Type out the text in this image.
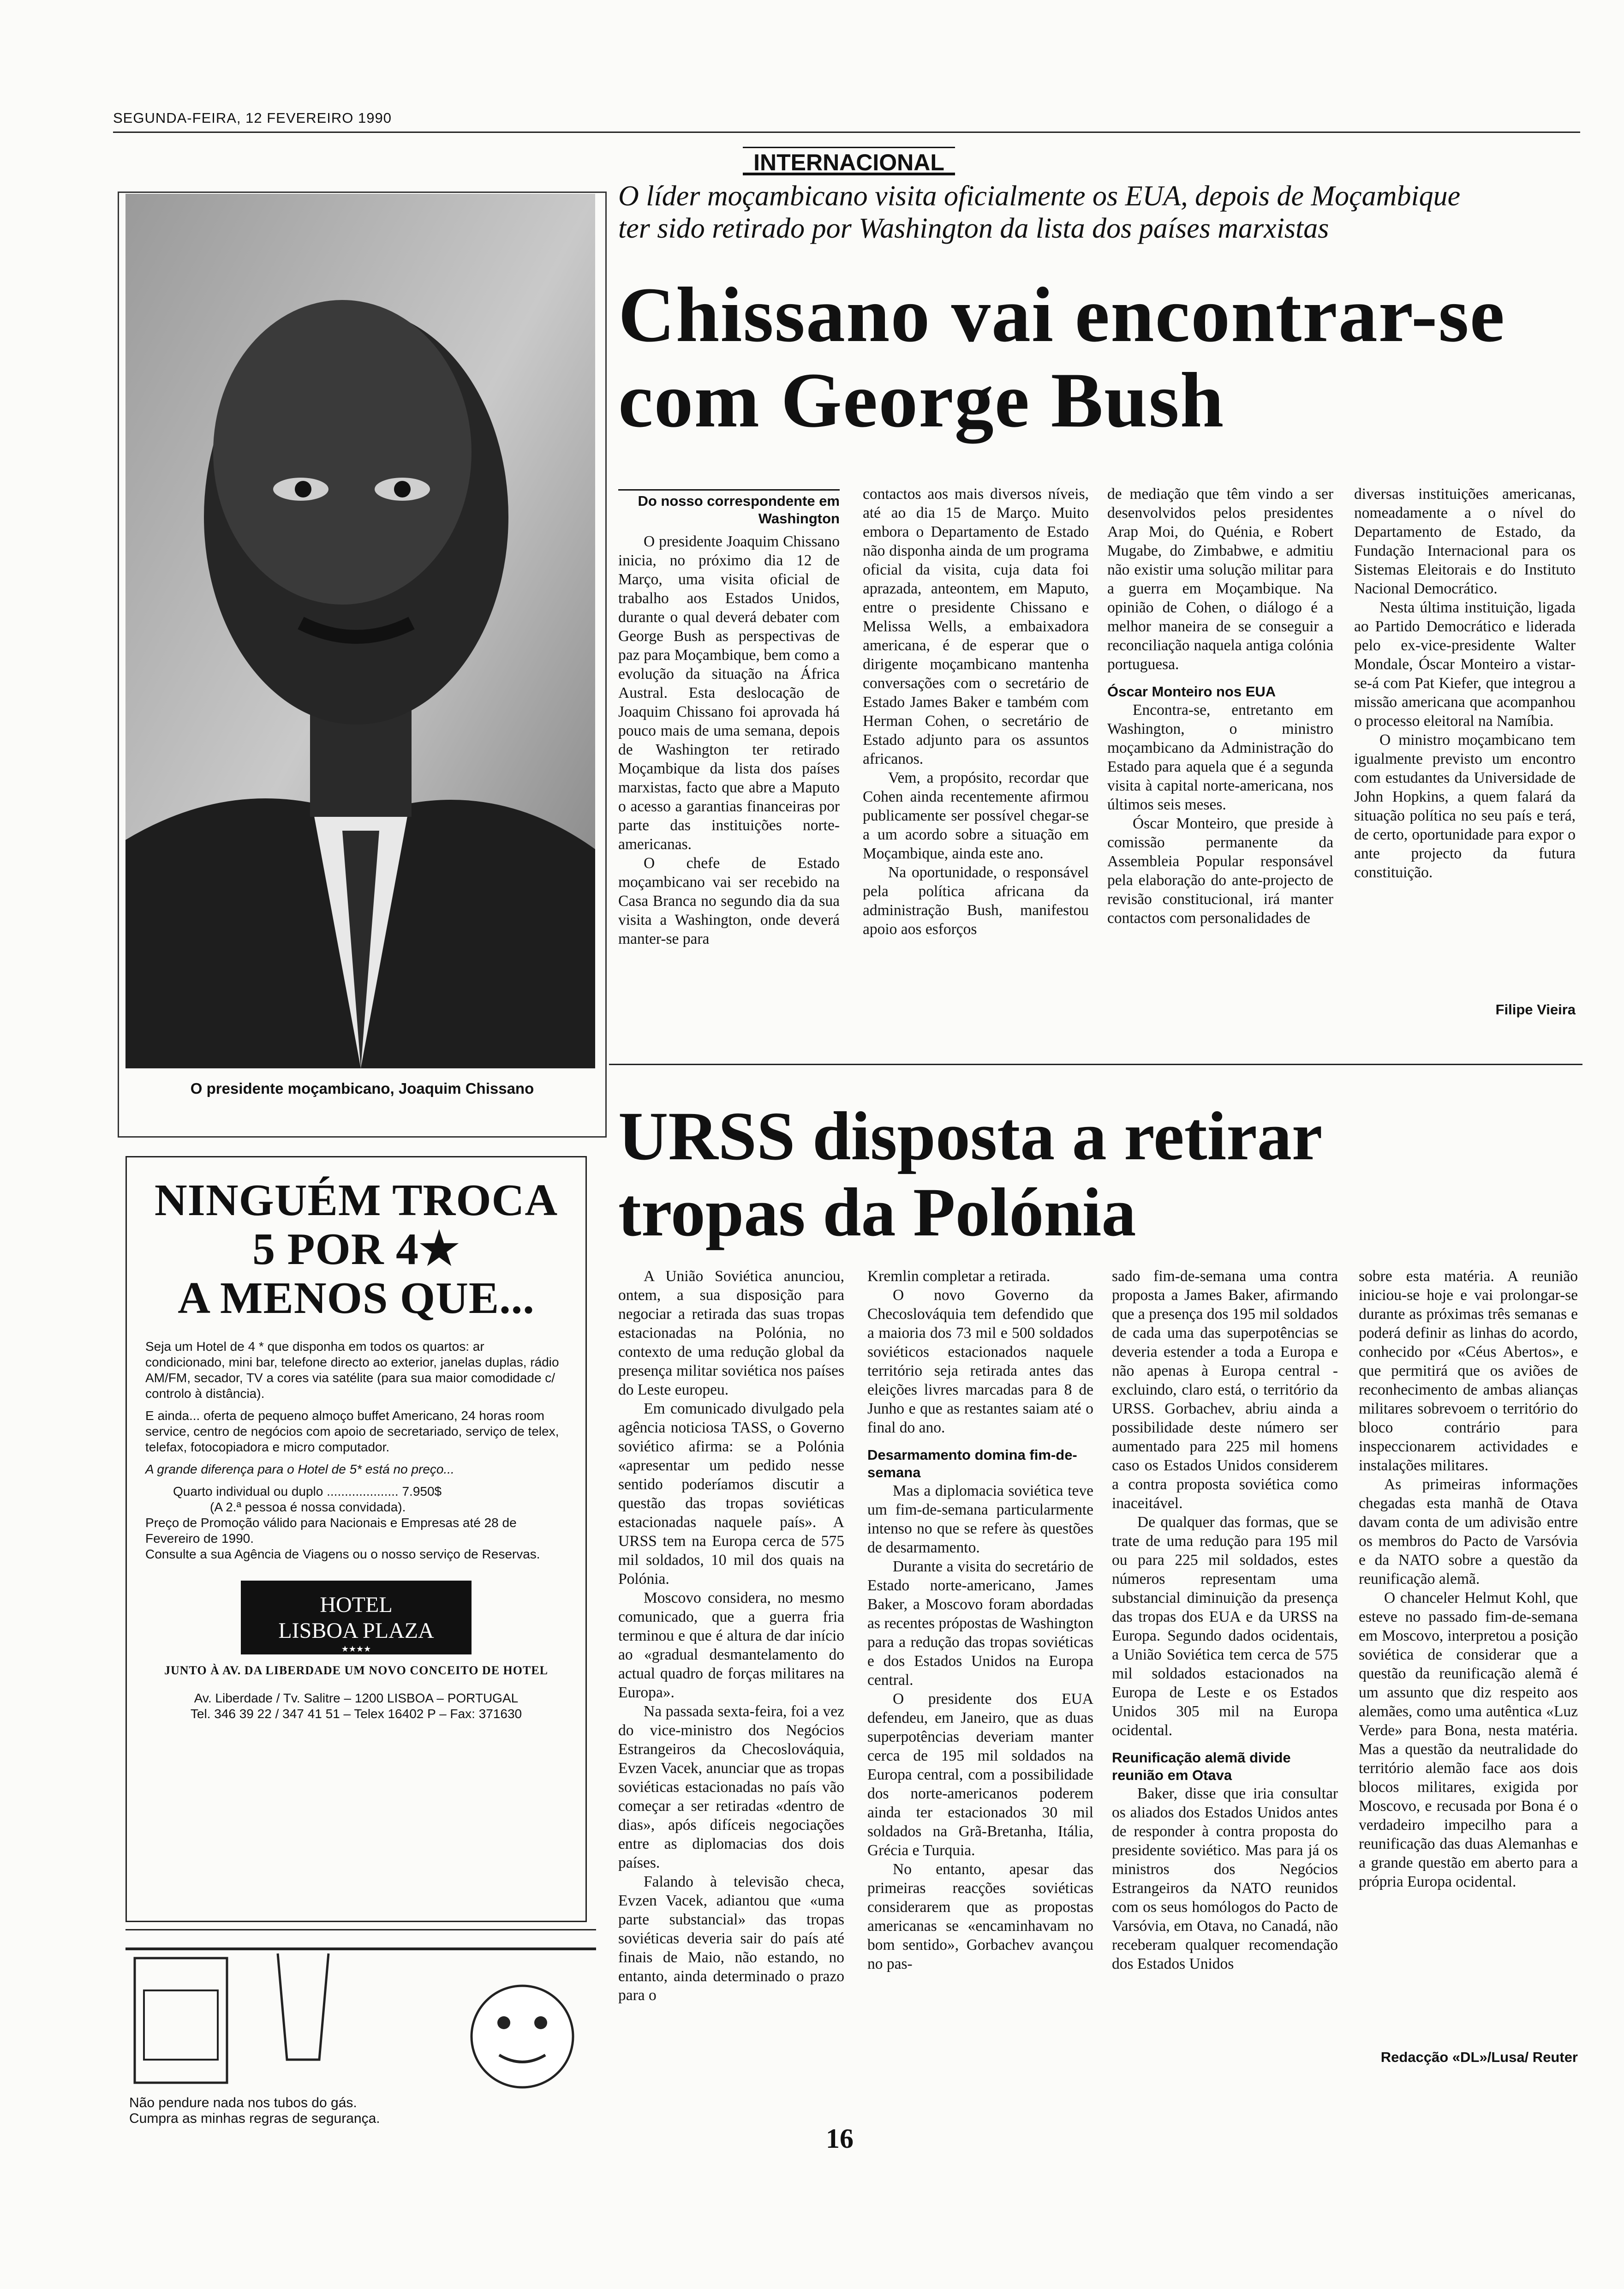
SEGUNDA-FEIRA, 12 FEVEREIRO 1990
INTERNACIONAL
O presidente moçambicano, Joaquim Chissano
O líder moçambicano visita oficialmente os EUA, depois de Moçambique
ter sido retirado por Washington da lista dos países marxistas
Chissano vai encontrar-se
com George Bush

Do nosso correspondente em Washington

O presidente Joaquim Chissano inicia, no próximo dia 12 de Março, uma visita oficial de trabalho aos Estados Unidos, durante o qual deverá debater com George Bush as perspectivas de paz para Moçambique, bem como a evolução da situação na África Austral. Esta deslocação de Joaquim Chissano foi aprovada há pouco mais de uma semana, depois de Washington ter retirado Moçambique da lista dos países marxistas, facto que abre a Maputo o acesso a garantias financeiras por parte das instituições norte-americanas.

O chefe de Estado moçambicano vai ser recebido na Casa Branca no segundo dia da sua visita a Washington, onde deverá manter-se para

contactos aos mais diversos níveis, até ao dia 15 de Março. Muito embora o Departamento de Estado não disponha ainda de um programa oficial da visita, cuja data foi aprazada, anteontem, em Maputo, entre o presidente Chissano e Melissa Wells, a embaixadora americana, é de esperar que o dirigente moçambicano mantenha conversações com o secretário de Estado James Baker e também com Herman Cohen, o secretário de Estado adjunto para os assuntos africanos.

Vem, a propósito, recordar que Cohen ainda recentemente afirmou publicamente ser possível chegar-se a um acordo sobre a situação em Moçambique, ainda este ano.

Na oportunidade, o responsável pela política africana da administração Bush, manifestou apoio aos esforços

de mediação que têm vindo a ser desenvolvidos pelos presidentes Arap Moi, do Quénia, e Robert Mugabe, do Zimbabwe, e admitiu não existir uma solução militar para a guerra em Moçambique. Na opinião de Cohen, o diálogo é a melhor maneira de se conseguir a reconciliação naquela antiga colónia portuguesa.

Óscar Monteiro nos EUA

Encontra-se, entretanto em Washington, o ministro moçambicano da Administração do Estado para aquela que é a segunda visita à capital norte-americana, nos últimos seis meses.

Óscar Monteiro, que preside à comissão permanente da Assembleia Popular responsável pela elaboração do ante-projecto de revisão constitucional, irá manter contactos com personalidades de

diversas instituições americanas, nomeadamente a o nível do Departamento de Estado, da Fundação Internacional para os Sistemas Eleitorais e do Instituto Nacional Democrático.

Nesta última instituição, ligada ao Partido Democrático e liderada pelo ex-vice-presidente Walter Mondale, Óscar Monteiro a vistar-se-á com Pat Kiefer, que integrou a missão americana que acompanhou o processo eleitoral na Namíbia.

O ministro moçambicano tem igualmente previsto um encontro com estudantes da Universidade de John Hopkins, a quem falará da situação política no seu país e terá, de certo, oportunidade para expor o ante projecto da futura constituição.

Filipe Vieira
URSS disposta a retirar
tropas da Polónia

A União Soviética anunciou, ontem, a sua disposição para negociar a retirada das suas tropas estacionadas na Polónia, no contexto de uma redução global da presença militar soviética nos países do Leste europeu.

Em comunicado divulgado pela agência noticiosa TASS, o Governo soviético afirma: se a Polónia «apresentar um pedido nesse sentido poderíamos discutir a questão das tropas soviéticas estacionadas naquele país». A URSS tem na Europa cerca de 575 mil soldados, 10 mil dos quais na Polónia.

Moscovo considera, no mesmo comunicado, que a guerra fria terminou e que é altura de dar início ao «gradual desmantelamento do actual quadro de forças militares na Europa».

Na passada sexta-feira, foi a vez do vice-ministro dos Negócios Estrangeiros da Checoslováquia, Evzen Vacek, anunciar que as tropas soviéticas estacionadas no país vão começar a ser retiradas «dentro de dias», após difíceis negociações entre as diplomacias dos dois países.

Falando à televisão checa, Evzen Vacek, adiantou que «uma parte substancial» das tropas soviéticas deveria sair do país até finais de Maio, não estando, no entanto, ainda determinado o prazo para o

Kremlin completar a retirada.

O novo Governo da Checoslováquia tem defendido que a maioria dos 73 mil e 500 soldados soviéticos estacionados naquele território seja retirada antes das eleições livres marcadas para 8 de Junho e que as restantes saiam até o final do ano.

Desarmamento domina fim-de-semana

Mas a diplomacia soviética teve um fim-de-semana particularmente intenso no que se refere às questões de desarmamento.

Durante a visita do secretário de Estado norte-americano, James Baker, a Moscovo foram abordadas as recentes própostas de Washington para a redução das tropas soviéticas e dos Estados Unidos na Europa central.

O presidente dos EUA defendeu, em Janeiro, que as duas superpotências deveriam manter cerca de 195 mil soldados na Europa central, com a possibilidade dos norte-americanos poderem ainda ter estacionados 30 mil soldados na Grã-Bretanha, Itália, Grécia e Turquia.

No entanto, apesar das primeiras reacções soviéticas considerarem que as propostas americanas se «encaminhavam no bom sentido», Gorbachev avançou no pas-

sado fim-de-semana uma contra proposta a James Baker, afirmando que a presença dos 195 mil soldados de cada uma das superpotências se deveria estender a toda a Europa e não apenas à Europa central - excluindo, claro está, o território da URSS. Gorbachev, abriu ainda a possibilidade deste número ser aumentado para 225 mil homens caso os Estados Unidos considerem a contra proposta soviética como inaceitável.

De qualquer das formas, que se trate de uma redução para 195 mil ou para 225 mil soldados, estes números representam uma substancial diminuição da presença das tropas dos EUA e da URSS na Europa. Segundo dados ocidentais, a União Soviética tem cerca de 575 mil soldados estacionados na Europa de Leste e os Estados Unidos 305 mil na Europa ocidental.

Reunificação alemã divide reunião em Otava

Baker, disse que iria consultar os aliados dos Estados Unidos antes de responder à contra proposta do presidente soviético. Mas para já os ministros dos Negócios Estrangeiros da NATO reunidos com os seus homólogos do Pacto de Varsóvia, em Otava, no Canadá, não receberam qualquer recomendação dos Estados Unidos

sobre esta matéria. A reunião iniciou-se hoje e vai prolongar-se durante as próximas três semanas e poderá definir as linhas do acordo, conhecido por «Céus Abertos», e que permitirá que os aviões de reconhecimento de ambas alianças militares sobrevoem o território do bloco contrário para inspeccionarem actividades e instalações militares.

As primeiras informações chegadas esta manhã de Otava davam conta de um adivisão entre os membros do Pacto de Varsóvia e da NATO sobre a questão da reunificação alemã.

O chanceler Helmut Kohl, que esteve no passado fim-de-semana em Moscovo, interpretou a posição soviética de considerar que a questão da reunificação alemã é um assunto que diz respeito aos alemães, como uma autêntica «Luz Verde» para Bona, nesta matéria. Mas a questão da neutralidade do território alemão face aos dois blocos militares, exigida por Moscovo, e recusada por Bona é o verdadeiro impecilho para a reunificação das duas Alemanhas e a grande questão em aberto para a própria Europa ocidental.

Redacção «DL»/Lusa/ Reuter
NINGUÉM TROCA
5 POR 4★
A MENOS QUE...

Seja um Hotel de 4 * que disponha em todos os quartos: ar condicionado, mini bar, telefone directo ao exterior, janelas duplas, rádio AM/FM, secador, TV a cores via satélite (para sua maior comodidade c/ controlo à distância).

E ainda... oferta de pequeno almoço buffet Americano, 24 horas room service, centro de negócios com apoio de secretariado, serviço de telex, telefax, fotocopiadora e micro computador.

A grande diferença para o Hotel de 5* está no preço...

Quarto individual ou duplo .................... 7.950$

(A 2.ª pessoa é nossa convidada).

Preço de Promoção válido para Nacionais e Empresas até 28 de Fevereiro de 1990.

Consulte a sua Agência de Viagens ou o nosso serviço de Reservas.

HOTEL
LISBOA PLAZA
★★★★
JUNTO À AV. DA LIBERDADE UM NOVO CONCEITO DE HOTEL
Av. Liberdade / Tv. Salitre – 1200 LISBOA – PORTUGAL
Tel. 346 39 22 / 347 41 51 – Telex 16402 P – Fax: 371630
Não pendure nada nos tubos do gás.
Cumpra as minhas regras de segurança.
16
